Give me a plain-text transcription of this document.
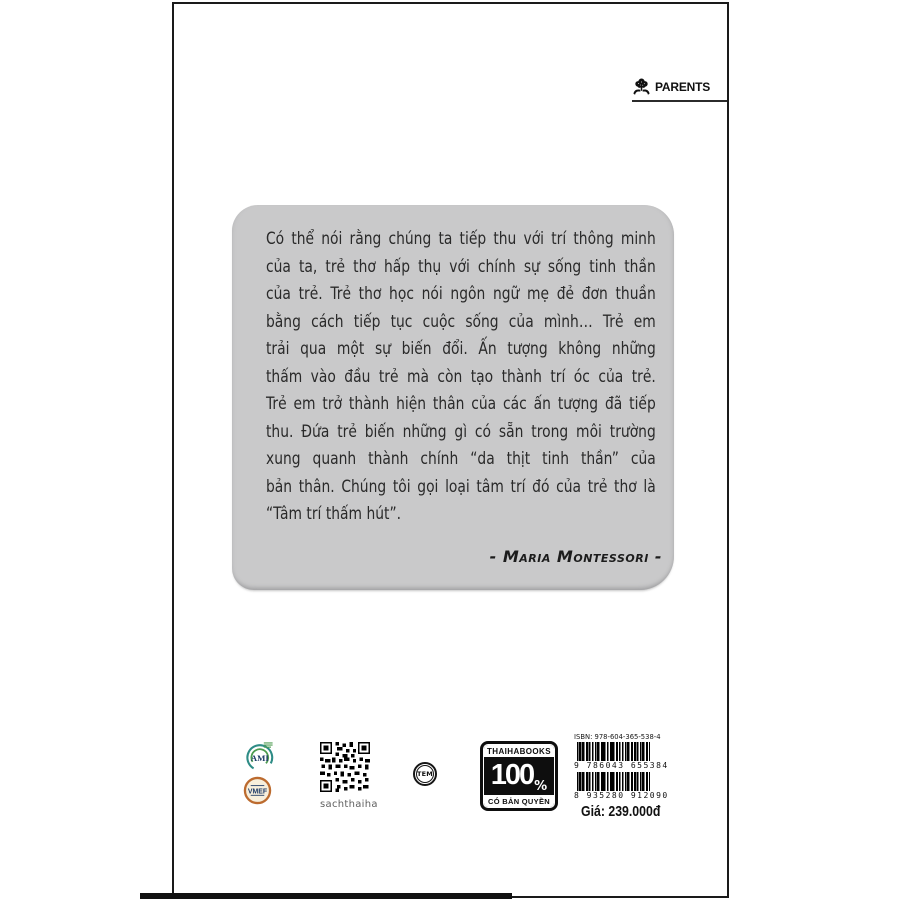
PARENTS
Có thể nói rằng chúng ta tiếp thu với trí thông minh
của ta, trẻ thơ hấp thụ với chính sự sống tinh thần
của trẻ. Trẻ thơ học nói ngôn ngữ mẹ đẻ đơn thuần
bằng cách tiếp tục cuộc sống của mình… Trẻ em
trải qua một sự biến đổi. Ấn tượng không những
thấm vào đầu trẻ mà còn tạo thành trí óc của trẻ.
Trẻ em trở thành hiện thân của các ấn tượng đã tiếp
thu. Đứa trẻ biến những gì có sẵn trong môi trường
xung quanh thành chính “da thịt tinh thần” của
bản thân. Chúng tôi gọi loại tâm trí đó của trẻ thơ là
“Tâm trí thấm hút”.
- Maria Montessori -
AMI
VMEF
sachthaiha
TEM
THAIHABOOKS
100 %
CÓ BẢN QUYỀN
ISBN: 978-604-365-538-4
9 786043 655384
8 935280 912090
Giá: 239.000đ
